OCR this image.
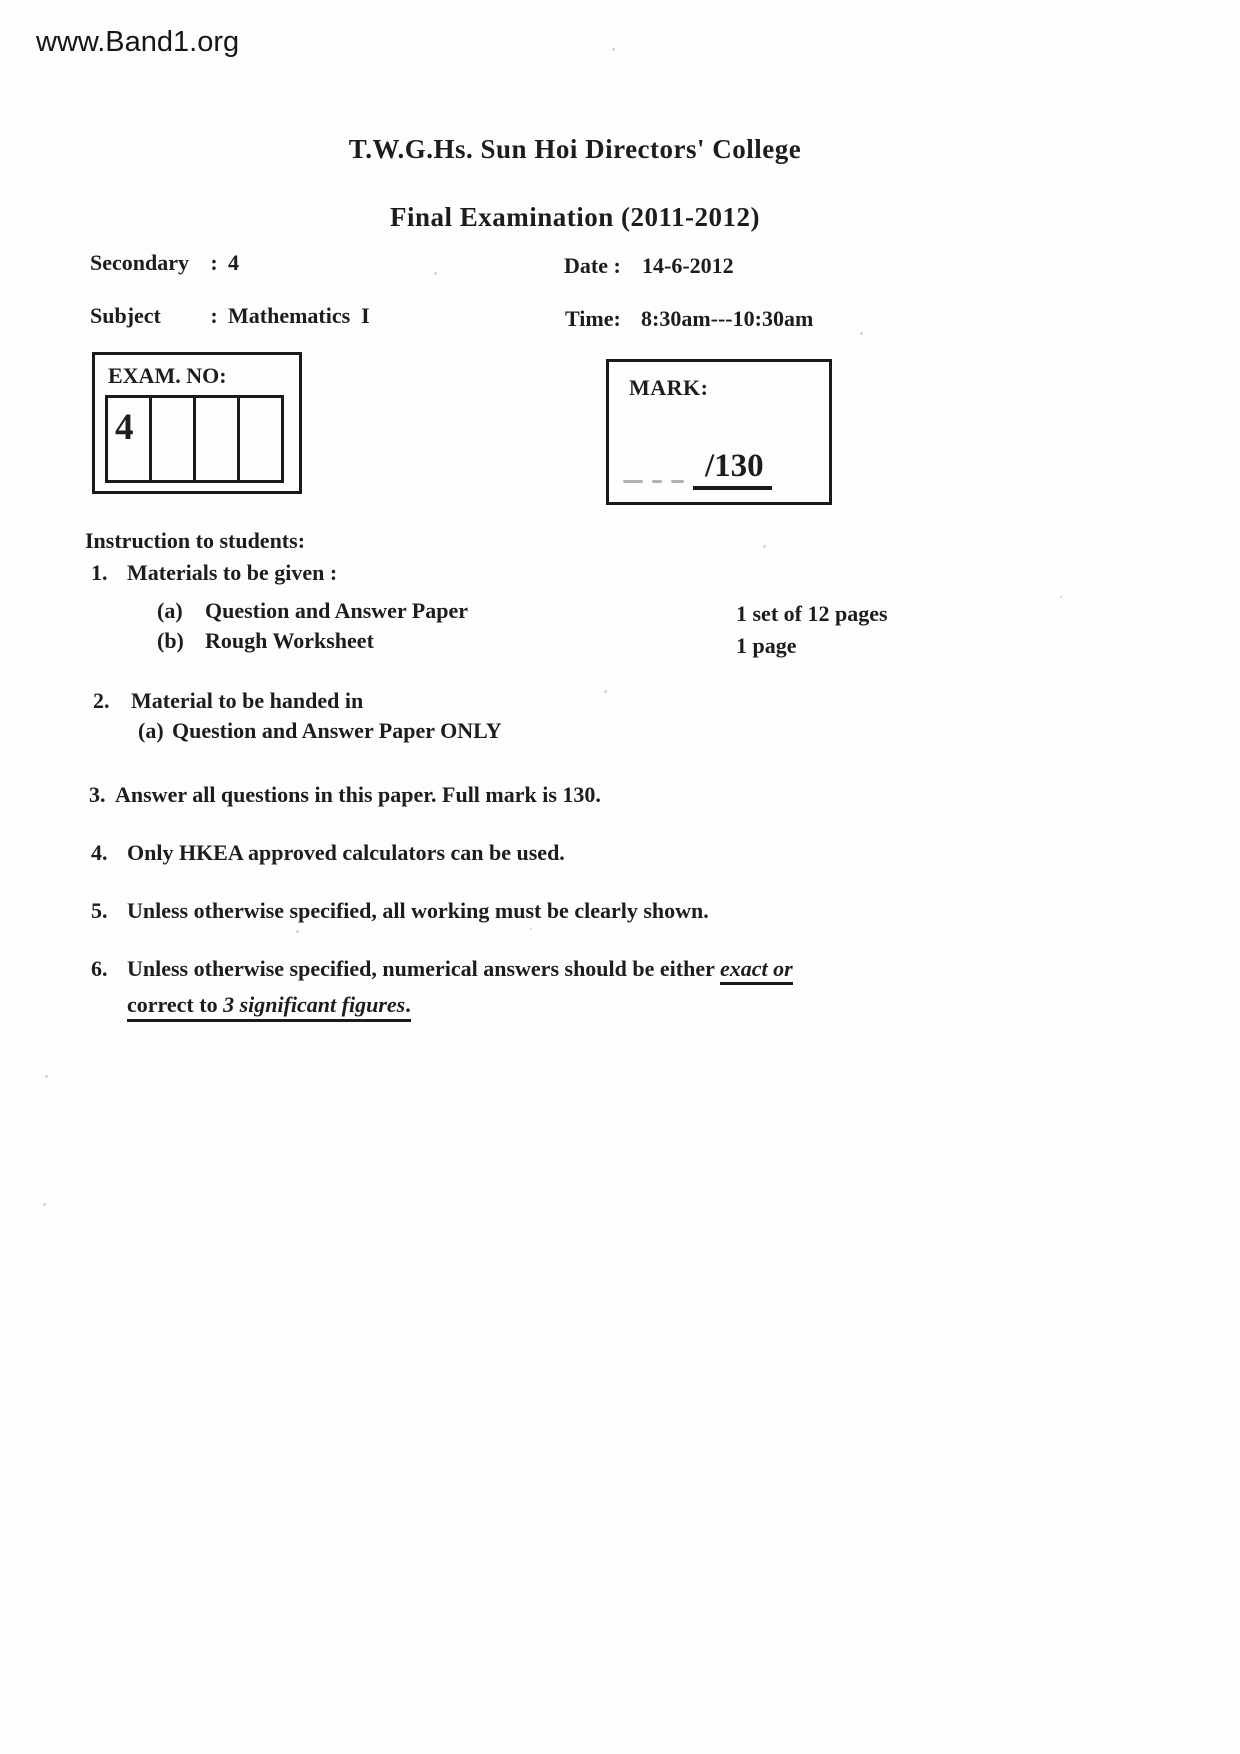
www.Band1.org
T.W.G.Hs. Sun Hoi Directors' College
Final Examination (2011-2012)
Secondary : 4	Date : 14-6-2012
Subject : Mathematics  I	Time: 8:30am---10:30am
EXAM. NO:
4
MARK:
/130
Instruction to students:
1. Materials to be given :
(a) Question and Answer Paper	1 set of 12 pages
(b) Rough Worksheet	1 page
2. Material to be handed in
(a) Question and Answer Paper ONLY
3. Answer all questions in this paper. Full mark is 130.
4. Only HKEA approved calculators can be used.
5. Unless otherwise specified, all working must be clearly shown.
6. Unless otherwise specified, numerical answers should be either exact or
correct to 3 significant figures.
